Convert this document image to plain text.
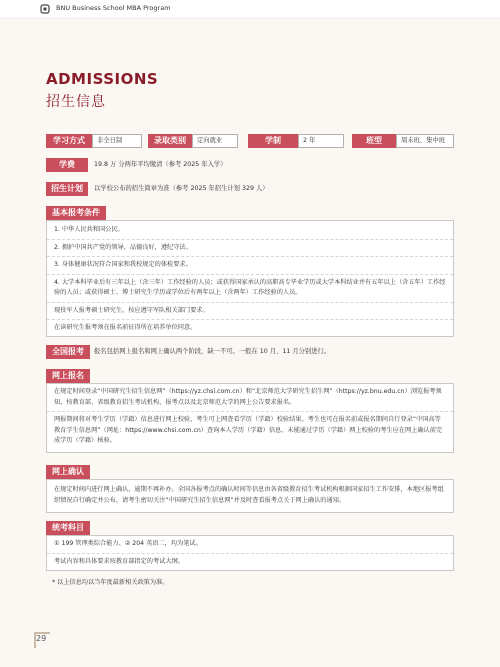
BNU Business School MBA Program
ADMISSIONS
招生信息
学习方式	非全日制	录取类别	定向就业	学制	2 年	班型	周末班、集中班
学费	19.8 万 分两年平均缴清（参考 2025 年入学）
招生计划	以学校公布的招生简章为准（参考 2025 年招生计划 329 人）
基本报考条件

1. 中华人民共和国公民。

2. 拥护中国共产党的领导，品德良好，遵纪守法。

3. 身体健康状况符合国家和我校规定的体检要求。

4. 大学本科毕业后有三年以上（含三年）工作经验的人员；或获得国家承认的高职高专毕业学历或大学本科结业并有五年以上（含五年）工作经验的人员；或获得硕士、博士研究生学历或学位后有两年以上（含两年）工作经验的人员。

现役军人报考硕士研究生，按应遵守军队相关部门要求。

在读研究生报考须在报名前征得所在培养单位同意。

全国报考	报名包括网上报名和网上确认两个阶段，缺一不可。一般在 10 月、11 月分别进行。
网上报名

在规定时间登录“中国研究生招生信息网”（https://yz.chsi.com.cn）和“北京师范大学研究生招生网”（https://yz.bnu.edu.cn）浏览报考须知，按教育部、省级教育招生考试机构、报考点以及北京师范大学的网上公告要求报名。

网报期间将对考生学历（学籍）信息进行网上校验，考生可上网查看学历（学籍）校验结果。考生也可在报名前或报名期间自行登录“中国高等教育学生信息网”（网址：https://www.chsi.com.cn）查询本人学历（学籍）信息。未能通过学历（学籍）网上校验的考生应在网上确认前完成学历（学籍）核验。

网上确认

在规定时间内进行网上确认，逾期不再补办。全国各报考点的确认时间等信息由各省级教育招生考试机构根据国家招生工作安排，本地区报考组织情况自行确定并公布，请考生密切关注“中国研究生招生信息网”并及时查看报考点关于网上确认的通知。

统考科目

① 199 管理类综合能力、② 204 英语二，均为笔试。

考试内容和具体要求按教育部指定的考试大纲。

* 以上信息均以当年度最新相关政策为准。
29
